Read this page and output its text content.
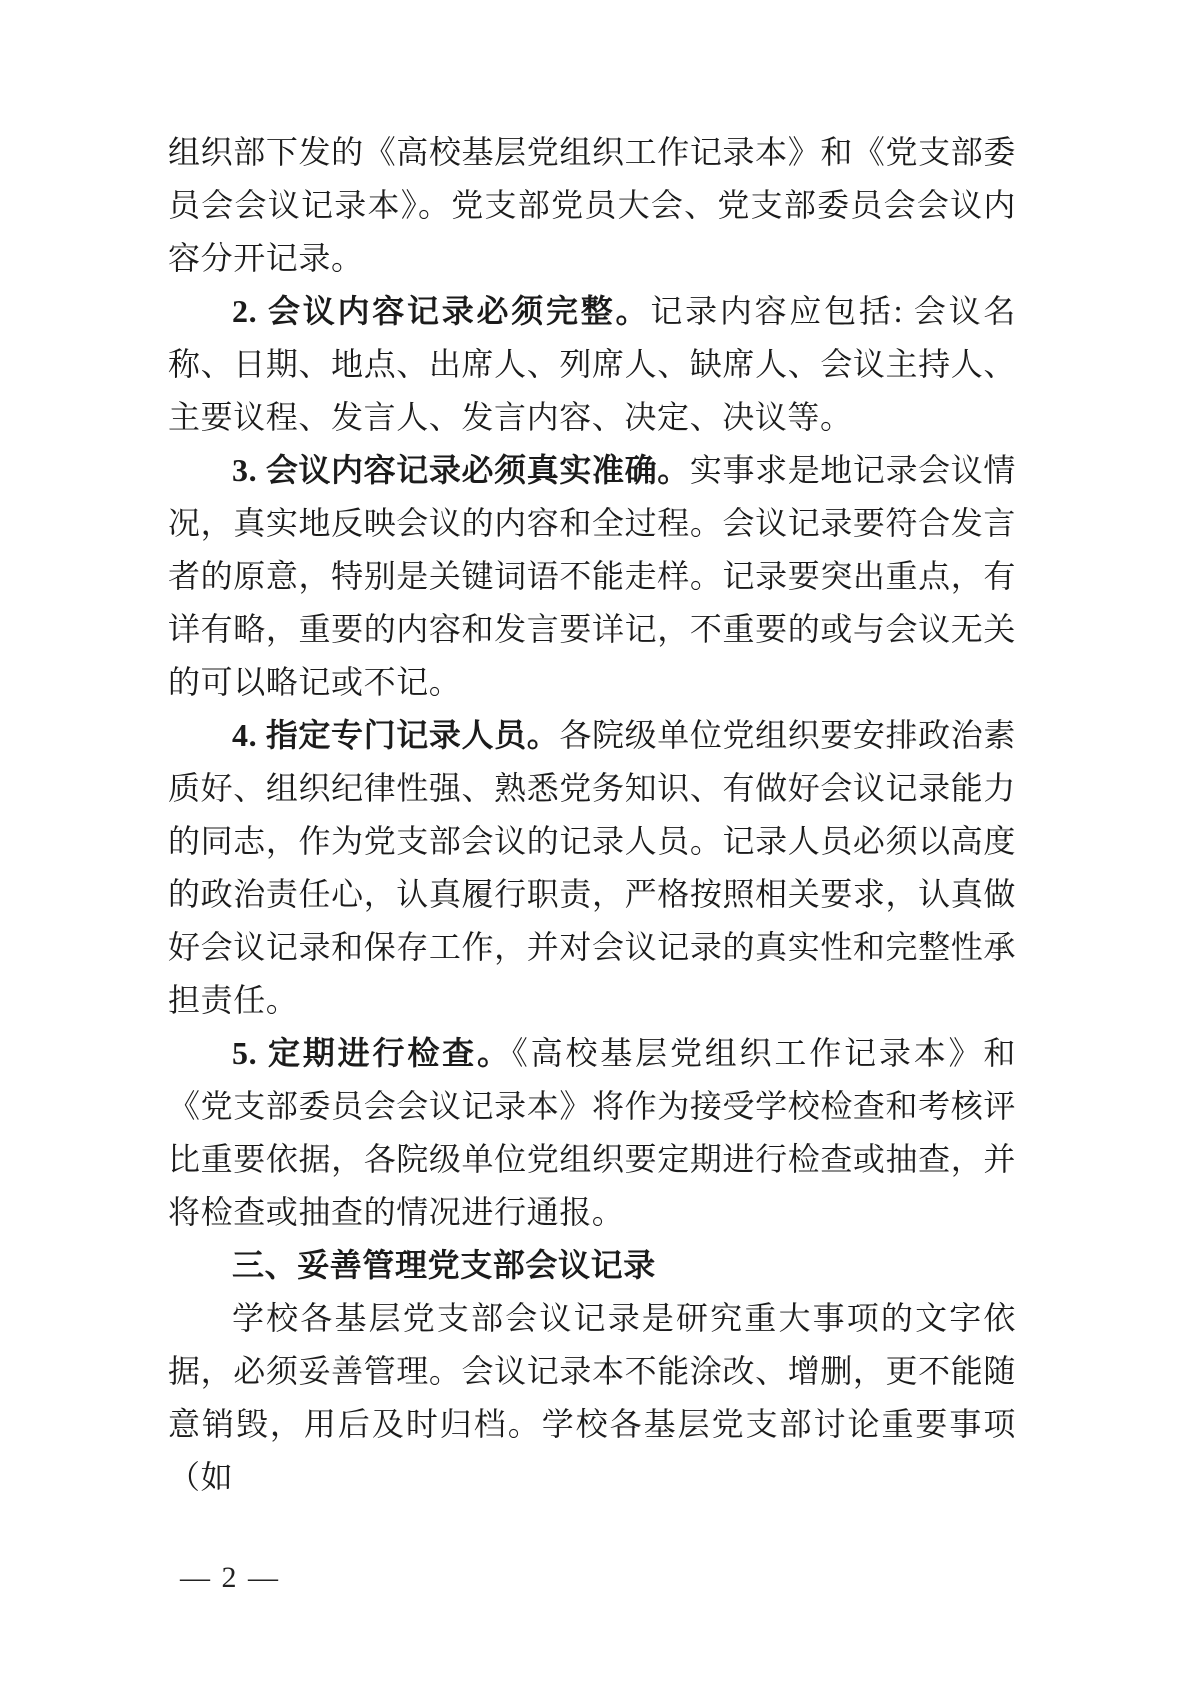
组织部下发的《高校基层党组织工作记录本》和《党支部委员会会议记录本》。党支部党员大会、党支部委员会会议内容分开记录。

2. 会议内容记录必须完整。记录内容应包括: 会议名称、日期、地点、出席人、列席人、缺席人、会议主持人、主要议程、发言人、发言内容、决定、决议等。

3. 会议内容记录必须真实准确。实事求是地记录会议情况，真实地反映会议的内容和全过程。会议记录要符合发言者的原意，特别是关键词语不能走样。记录要突出重点，有详有略，重要的内容和发言要详记，不重要的或与会议无关的可以略记或不记。

4. 指定专门记录人员。各院级单位党组织要安排政治素质好、组织纪律性强、熟悉党务知识、有做好会议记录能力的同志，作为党支部会议的记录人员。记录人员必须以高度的政治责任心，认真履行职责，严格按照相关要求，认真做好会议记录和保存工作，并对会议记录的真实性和完整性承担责任。

5. 定期进行检查。《高校基层党组织工作记录本》和《党支部委员会会议记录本》将作为接受学校检查和考核评比重要依据，各院级单位党组织要定期进行检查或抽查，并将检查或抽查的情况进行通报。

三、妥善管理党支部会议记录

学校各基层党支部会议记录是研究重大事项的文字依据，必须妥善管理。会议记录本不能涂改、增删，更不能随意销毁，用后及时归档。学校各基层党支部讨论重要事项（如

— 2 —
